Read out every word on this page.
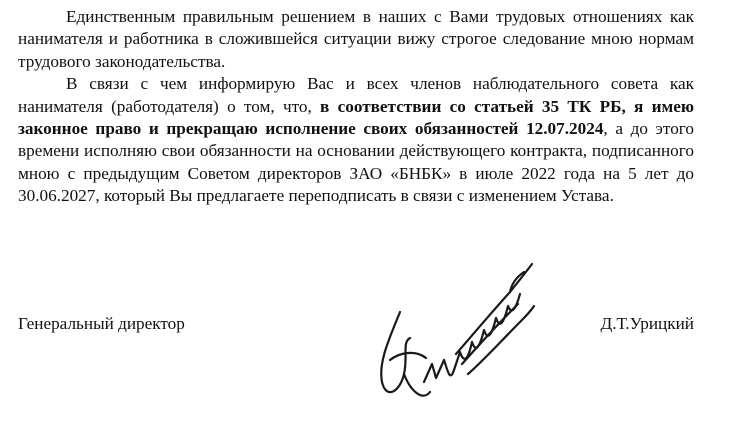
Единственным правильным решением в наших с Вами трудовых отношениях как нанимателя и работника в сложившейся ситуации вижу строгое следование мною нормам трудового законодательства.

В связи с чем информирую Вас и всех членов наблюдательного совета как нанимателя (работодателя) о том, что, в соответствии со статьей 35 ТК РБ, я имею законное право и прекращаю исполнение своих обязанностей 12.07.2024, а до этого времени исполняю свои обязанности на основании действующего контракта, подписанного мною с предыдущим Советом директоров ЗАО «БНБК» в июле 2022 года на 5 лет до 30.06.2027, который Вы предлагаете переподписать в связи с изменением Устава.

Генеральный директор	Д.Т.Урицкий
